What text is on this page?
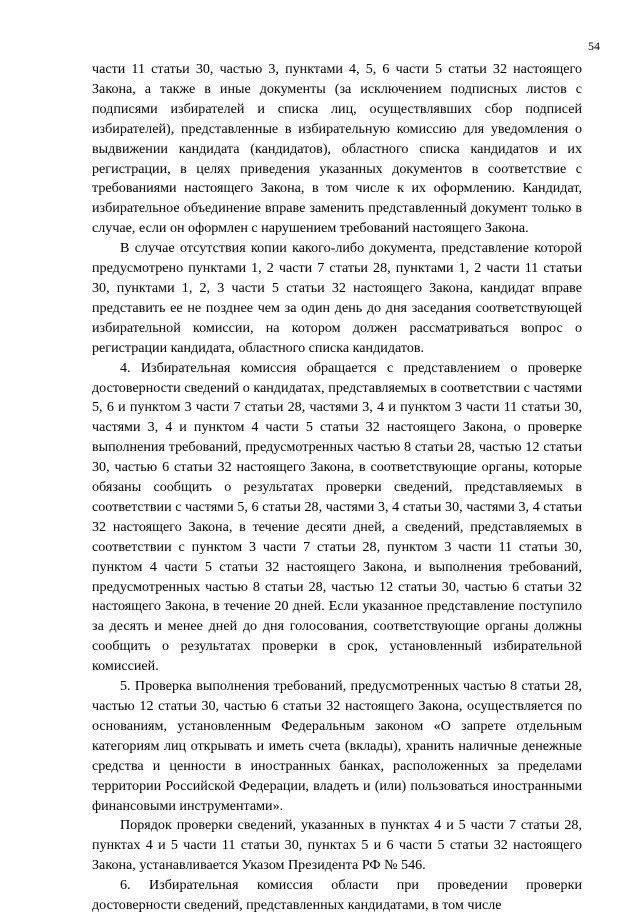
54

части 11 статьи 30, частью 3, пунктами 4, 5, 6 части 5 статьи 32 настоящего Закона, а также в иные документы (за исключением подписных листов с подписями избирателей и списка лиц, осуществлявших сбор подписей избирателей), представленные в избирательную комиссию для уведомления о выдвижении кандидата (кандидатов), областного списка кандидатов и их регистрации, в целях приведения указанных документов в соответствие с требованиями настоящего Закона, в том числе к их оформлению. Кандидат, избирательное объединение вправе заменить представленный документ только в случае, если он оформлен с нарушением требований настоящего Закона.

В случае отсутствия копии какого-либо документа, представление которой предусмотрено пунктами 1, 2 части 7 статьи 28, пунктами 1, 2 части 11 статьи 30, пунктами 1, 2, 3 части 5 статьи 32 настоящего Закона, кандидат вправе представить ее не позднее чем за один день до дня заседания соответствующей избирательной комиссии, на котором должен рассматриваться вопрос о регистрации кандидата, областного списка кандидатов.

4. Избирательная комиссия обращается с представлением о проверке достоверности сведений о кандидатах, представляемых в соответствии с частями 5, 6 и пунктом 3 части 7 статьи 28, частями 3, 4 и пунктом 3 части 11 статьи 30, частями 3, 4 и пунктом 4 части 5 статьи 32 настоящего Закона, о проверке выполнения требований, предусмотренных частью 8 статьи 28, частью 12 статьи 30, частью 6 статьи 32 настоящего Закона, в соответствующие органы, которые обязаны сообщить о результатах проверки сведений, представляемых в соответствии с частями 5, 6 статьи 28, частями 3, 4 статьи 30, частями 3, 4 статьи 32 настоящего Закона, в течение десяти дней, а сведений, представляемых в соответствии с пунктом 3 части 7 статьи 28, пунктом 3 части 11 статьи 30, пунктом 4 части 5 статьи 32 настоящего Закона, и выполнения требований, предусмотренных частью 8 статьи 28, частью 12 статьи 30, частью 6 статьи 32 настоящего Закона, в течение 20 дней. Если указанное представление поступило за десять и менее дней до дня голосования, соответствующие органы должны сообщить о результатах проверки в срок, установленный избирательной комиссией.

5. Проверка выполнения требований, предусмотренных частью 8 статьи 28, частью 12 статьи 30, частью 6 статьи 32 настоящего Закона, осуществляется по основаниям, установленным Федеральным законом «О запрете отдельным категориям лиц открывать и иметь счета (вклады), хранить наличные денежные средства и ценности в иностранных банках, расположенных за пределами территории Российской Федерации, владеть и (или) пользоваться иностранными финансовыми инструментами».

Порядок проверки сведений, указанных в пунктах 4 и 5 части 7 статьи 28, пунктах 4 и 5 части 11 статьи 30, пунктах 5 и 6 части 5 статьи 32 настоящего Закона, устанавливается Указом Президента РФ № 546.

6. Избирательная комиссия области при проведении проверки достоверности сведений, представленных кандидатами, в том числе
